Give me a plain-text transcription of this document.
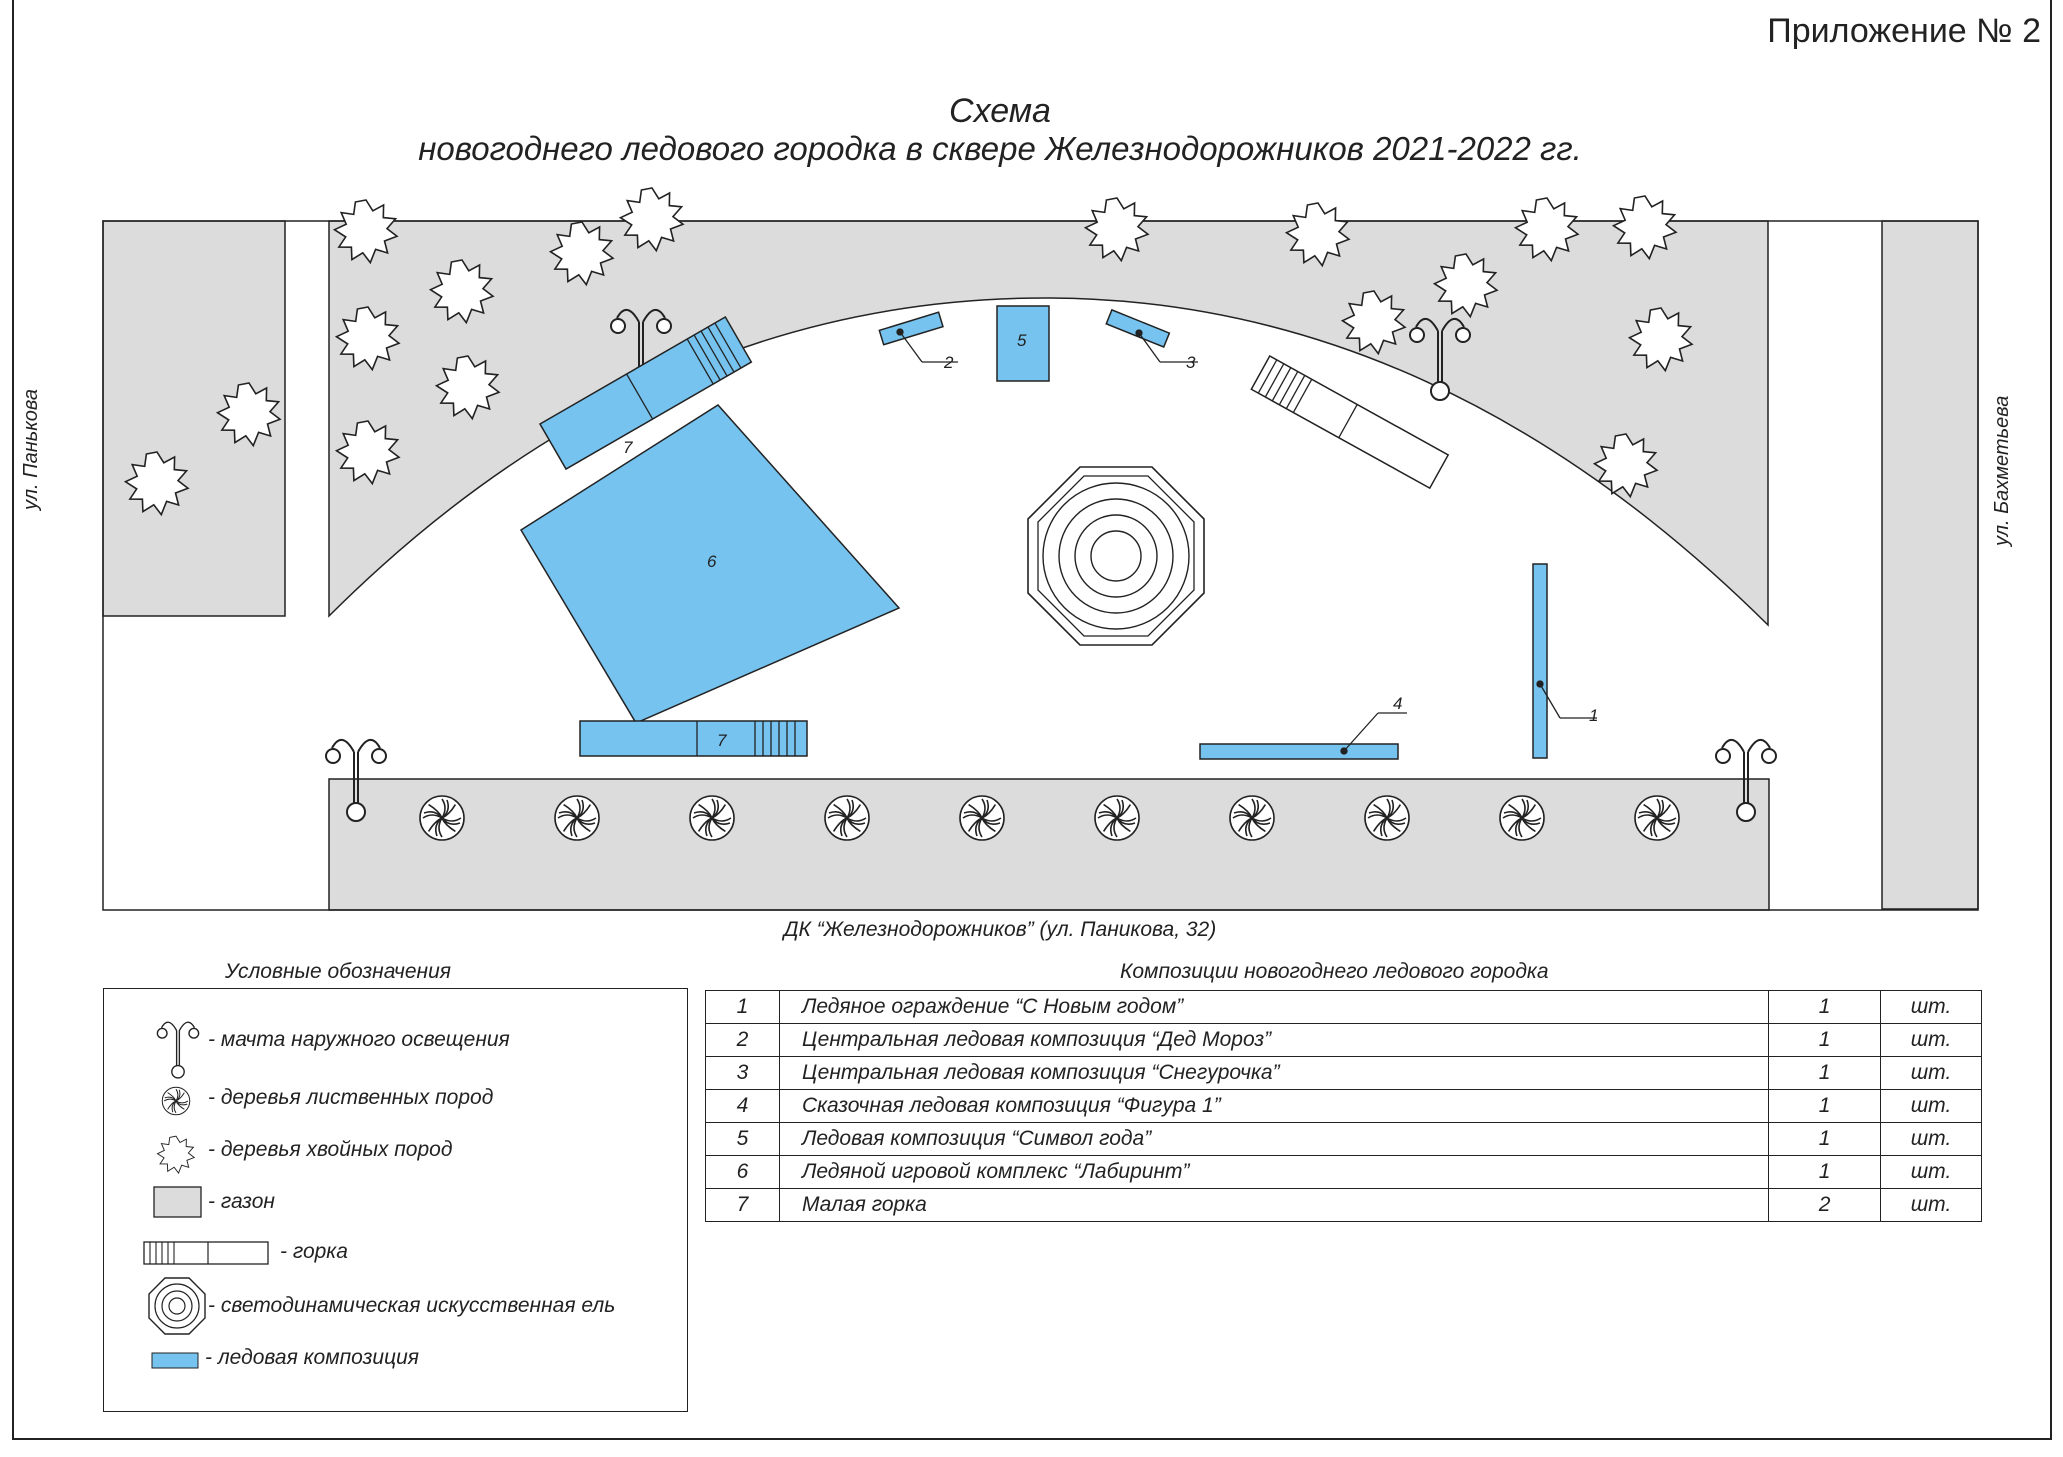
Приложение № 2
Схема
новогоднего ледового городка в сквере Железнодорожников 2021-2022 гг.
5
2	3
6
7
7
1
4
ул. Панькова	ул. Бахметьева
ДК “Железнодорожников” (ул. Паникова, 32)
Условные обозначения
- мачта наружного освещения
- деревья лиственных пород
- деревья хвойных пород
- газон
- горка
- светодинамическая искусственная ель
- ледовая композиция
Композиции новогоднего ледового городка
1	Ледяное ограждение “С Новым годом”	1	шт.
2	Центральная ледовая композиция “Дед Мороз”	1	шт.
3	Центральная ледовая композиция “Снегурочка”	1	шт.
4	Сказочная ледовая композиция “Фигура 1”	1	шт.
5	Ледовая композиция “Символ года”	1	шт.
6	Ледяной игровой комплекс “Лабиринт”	1	шт.
7	Малая горка	2	шт.
